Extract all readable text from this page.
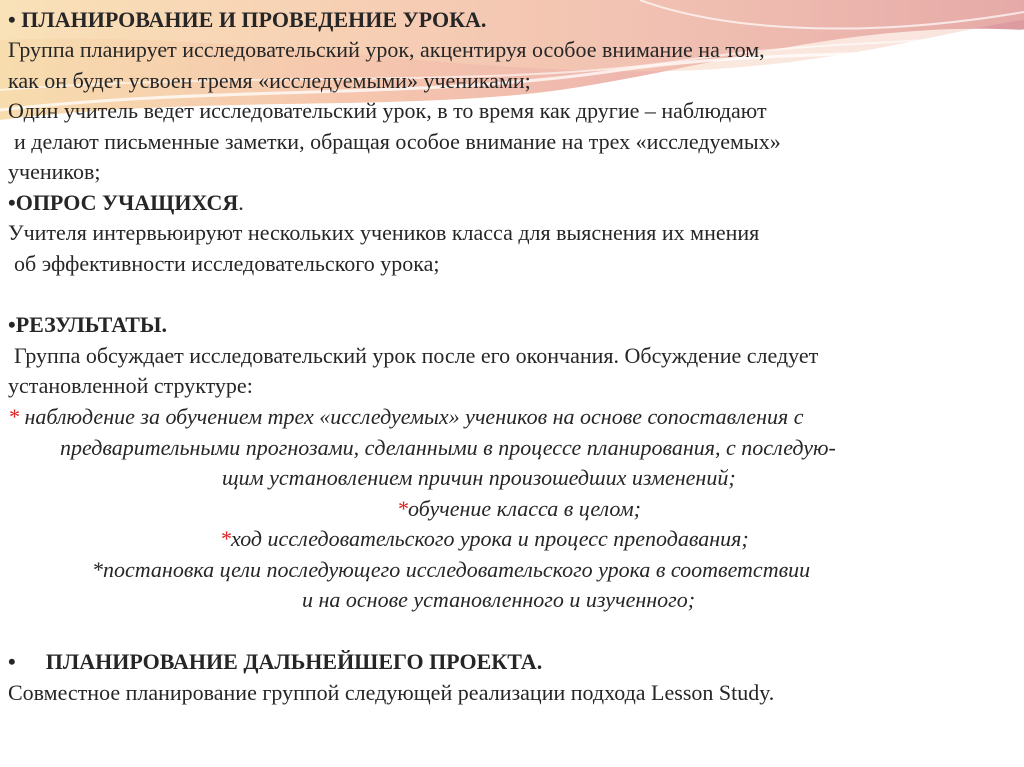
• ПЛАНИРОВАНИЕ И ПРОВЕДЕНИЕ УРОКА.

Группа планирует исследовательский урок, акцентируя особое внимание на том,

как он будет усвоен тремя «исследуемыми» учениками;

Один учитель ведет исследовательский урок, в то время как другие – наблюдают

и делают письменные заметки, обращая особое внимание на трех «исследуемых»

учеников;

•ОПРОС УЧАЩИХСЯ.

Учителя интервьюируют нескольких учеников класса для выяснения их мнения

об эффективности исследовательского урока;

•РЕЗУЛЬТАТЫ.

Группа обсуждает исследовательский урок после его окончания. Обсуждение следует

установленной структуре:

* наблюдение за обучением трех «исследуемых» учеников на основе сопоставления с

предварительными прогнозами, сделанными в процессе планирования, с последую-

щим установлением причин произошедших изменений;

*обучение класса в целом;

*ход исследовательского урока и процесс преподавания;

*постановка цели последующего исследовательского урока в соответствии

и на основе установленного и изученного;

• ПЛАНИРОВАНИЕ ДАЛЬНЕЙШЕГО ПРОЕКТА.

Совместное планирование группой следующей реализации подхода Lesson Study.
